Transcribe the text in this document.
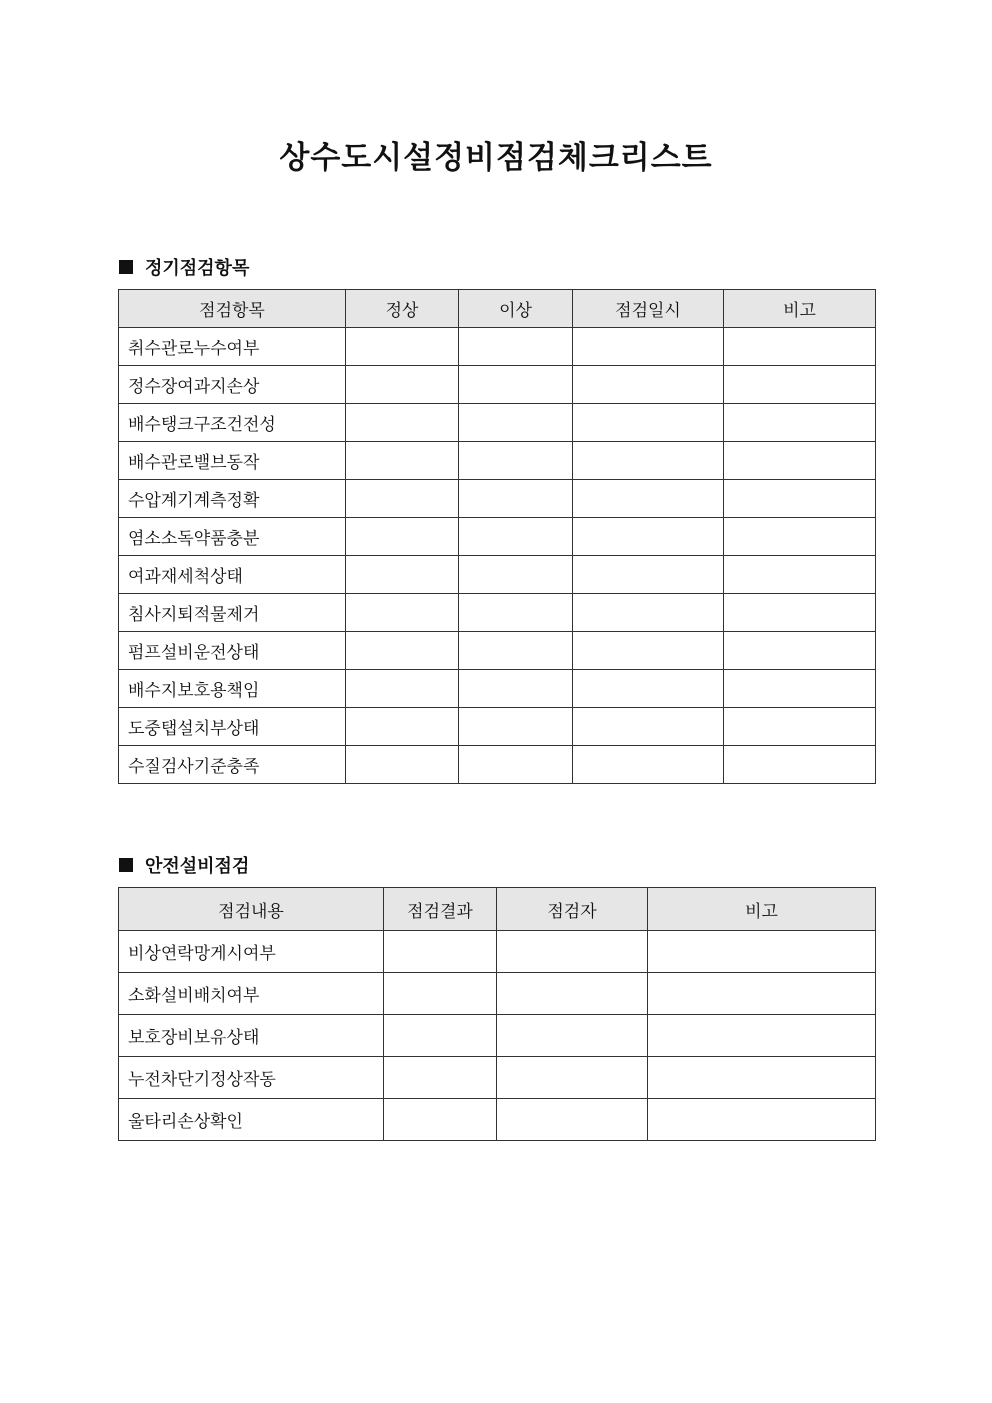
상수도시설정비점검체크리스트
정기점검항목
점검항목	정상	이상	점검일시	비고
취수관로누수여부				
정수장여과지손상				
배수탱크구조건전성				
배수관로밸브동작				
수압계기계측정확				
염소소독약품충분				
여과재세척상태				
침사지퇴적물제거				
펌프설비운전상태				
배수지보호용책임				
도중탭설치부상태				
수질검사기준충족				
안전설비점검
점검내용	점검결과	점검자	비고
비상연락망게시여부			
소화설비배치여부			
보호장비보유상태			
누전차단기정상작동			
울타리손상확인			
